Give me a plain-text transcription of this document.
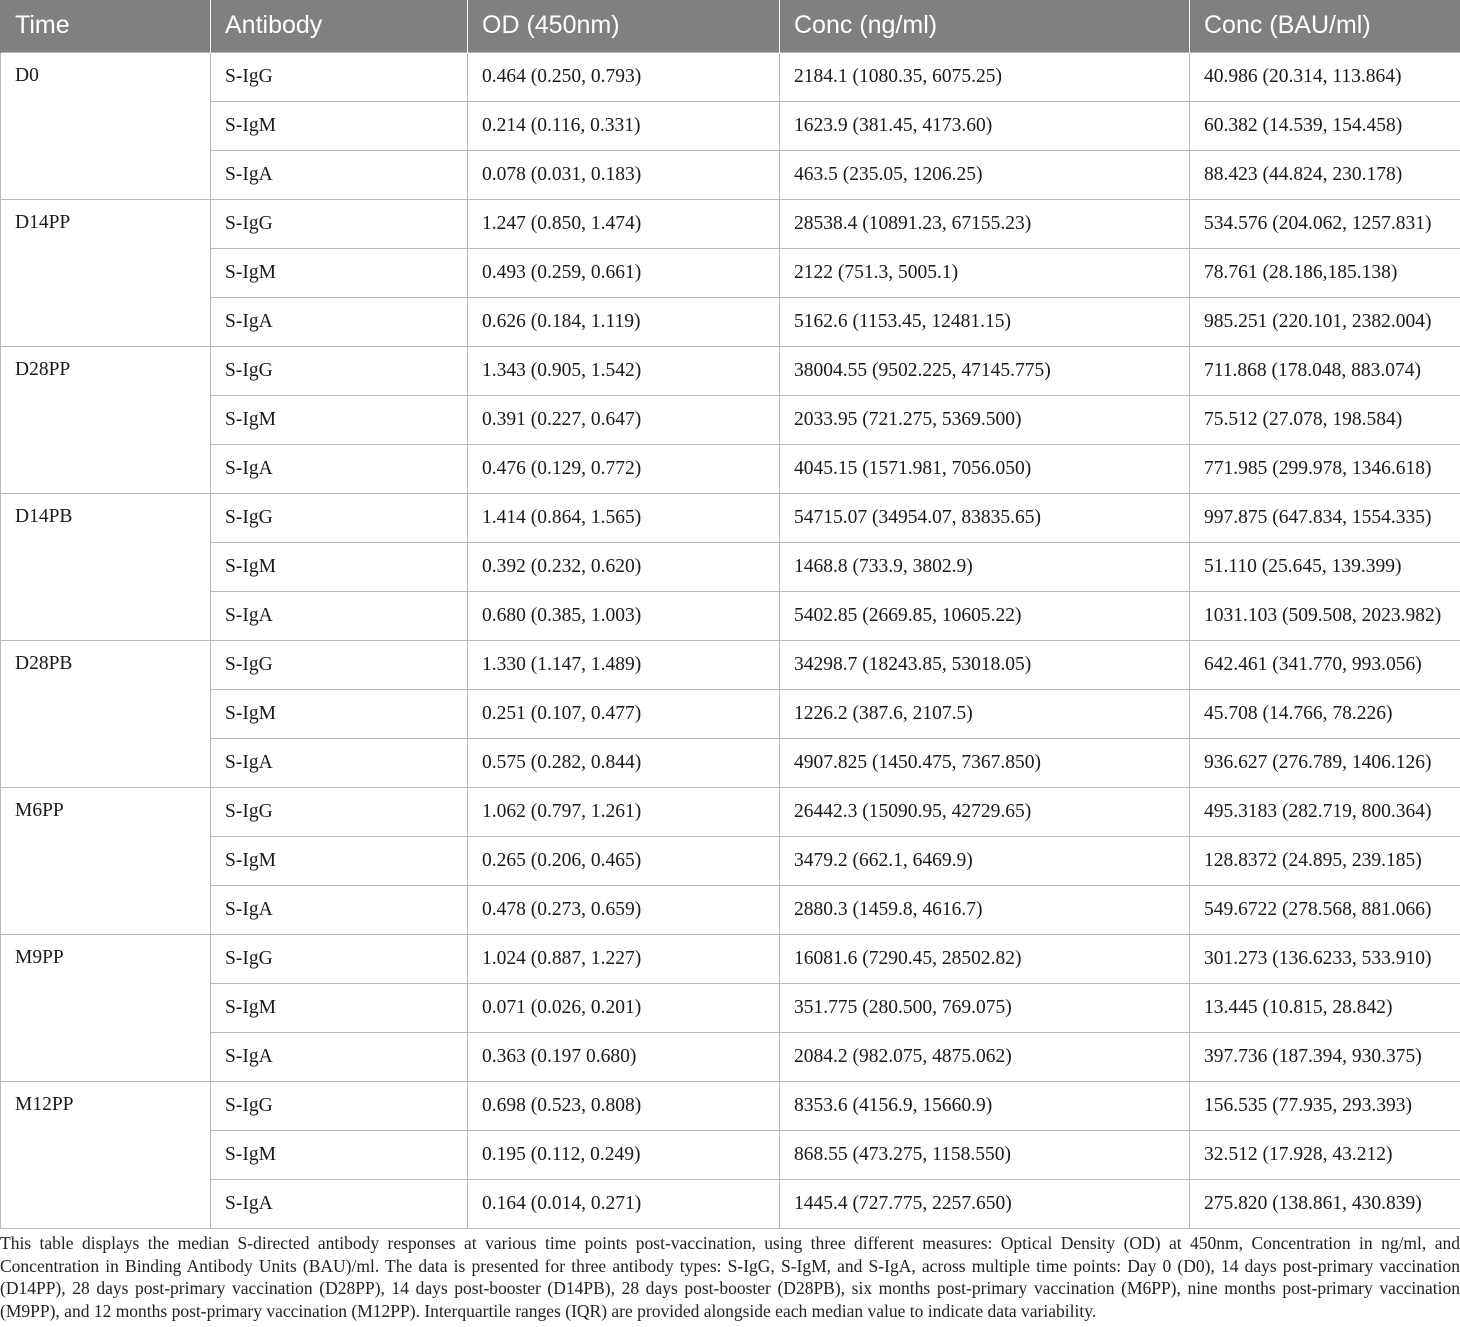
Time	Antibody	OD (450nm)	Conc (ng/ml)	Conc (BAU/ml)
D0	S-IgG	0.464 (0.250, 0.793)	2184.1 (1080.35, 6075.25)	40.986 (20.314, 113.864)
	S-IgM	0.214 (0.116, 0.331)	1623.9 (381.45, 4173.60)	60.382 (14.539, 154.458)
	S-IgA	0.078 (0.031, 0.183)	463.5 (235.05, 1206.25)	88.423 (44.824, 230.178)
D14PP	S-IgG	1.247 (0.850, 1.474)	28538.4 (10891.23, 67155.23)	534.576 (204.062, 1257.831)
	S-IgM	0.493 (0.259, 0.661)	2122 (751.3, 5005.1)	78.761 (28.186,185.138)
	S-IgA	0.626 (0.184, 1.119)	5162.6 (1153.45, 12481.15)	985.251 (220.101, 2382.004)
D28PP	S-IgG	1.343 (0.905, 1.542)	38004.55 (9502.225, 47145.775)	711.868 (178.048, 883.074)
	S-IgM	0.391 (0.227, 0.647)	2033.95 (721.275, 5369.500)	75.512 (27.078, 198.584)
	S-IgA	0.476 (0.129, 0.772)	4045.15 (1571.981, 7056.050)	771.985 (299.978, 1346.618)
D14PB	S-IgG	1.414 (0.864, 1.565)	54715.07 (34954.07, 83835.65)	997.875 (647.834, 1554.335)
	S-IgM	0.392 (0.232, 0.620)	1468.8 (733.9, 3802.9)	51.110 (25.645, 139.399)
	S-IgA	0.680 (0.385, 1.003)	5402.85 (2669.85, 10605.22)	1031.103 (509.508, 2023.982)
D28PB	S-IgG	1.330 (1.147, 1.489)	34298.7 (18243.85, 53018.05)	642.461 (341.770, 993.056)
	S-IgM	0.251 (0.107, 0.477)	1226.2 (387.6, 2107.5)	45.708 (14.766, 78.226)
	S-IgA	0.575 (0.282, 0.844)	4907.825 (1450.475, 7367.850)	936.627 (276.789, 1406.126)
M6PP	S-IgG	1.062 (0.797, 1.261)	26442.3 (15090.95, 42729.65)	495.3183 (282.719, 800.364)
	S-IgM	0.265 (0.206, 0.465)	3479.2 (662.1, 6469.9)	128.8372 (24.895, 239.185)
	S-IgA	0.478 (0.273, 0.659)	2880.3 (1459.8, 4616.7)	549.6722 (278.568, 881.066)
M9PP	S-IgG	1.024 (0.887, 1.227)	16081.6 (7290.45, 28502.82)	301.273 (136.6233, 533.910)
	S-IgM	0.071 (0.026, 0.201)	351.775 (280.500, 769.075)	13.445 (10.815, 28.842)
	S-IgA	0.363 (0.197 0.680)	2084.2 (982.075, 4875.062)	397.736 (187.394, 930.375)
M12PP	S-IgG	0.698 (0.523, 0.808)	8353.6 (4156.9, 15660.9)	156.535 (77.935, 293.393)
	S-IgM	0.195 (0.112, 0.249)	868.55 (473.275, 1158.550)	32.512 (17.928, 43.212)
	S-IgA	0.164 (0.014, 0.271)	1445.4 (727.775, 2257.650)	275.820 (138.861, 430.839)

This table displays the median S-directed antibody responses at various time points post-vaccination, using three different measures: Optical Density (OD) at 450nm, Concentration in ng/ml, and Concentration in Binding Antibody Units (BAU)/ml. The data is presented for three antibody types: S-IgG, S-IgM, and S-IgA, across multiple time points: Day 0 (D0), 14 days post-primary vaccination (D14PP), 28 days post-primary vaccination (D28PP), 14 days post-booster (D14PB), 28 days post-booster (D28PB), six months post-primary vaccination (M6PP), nine months post-primary vaccination (M9PP), and 12 months post-primary vaccination (M12PP). Interquartile ranges (IQR) are provided alongside each median value to indicate data variability.
